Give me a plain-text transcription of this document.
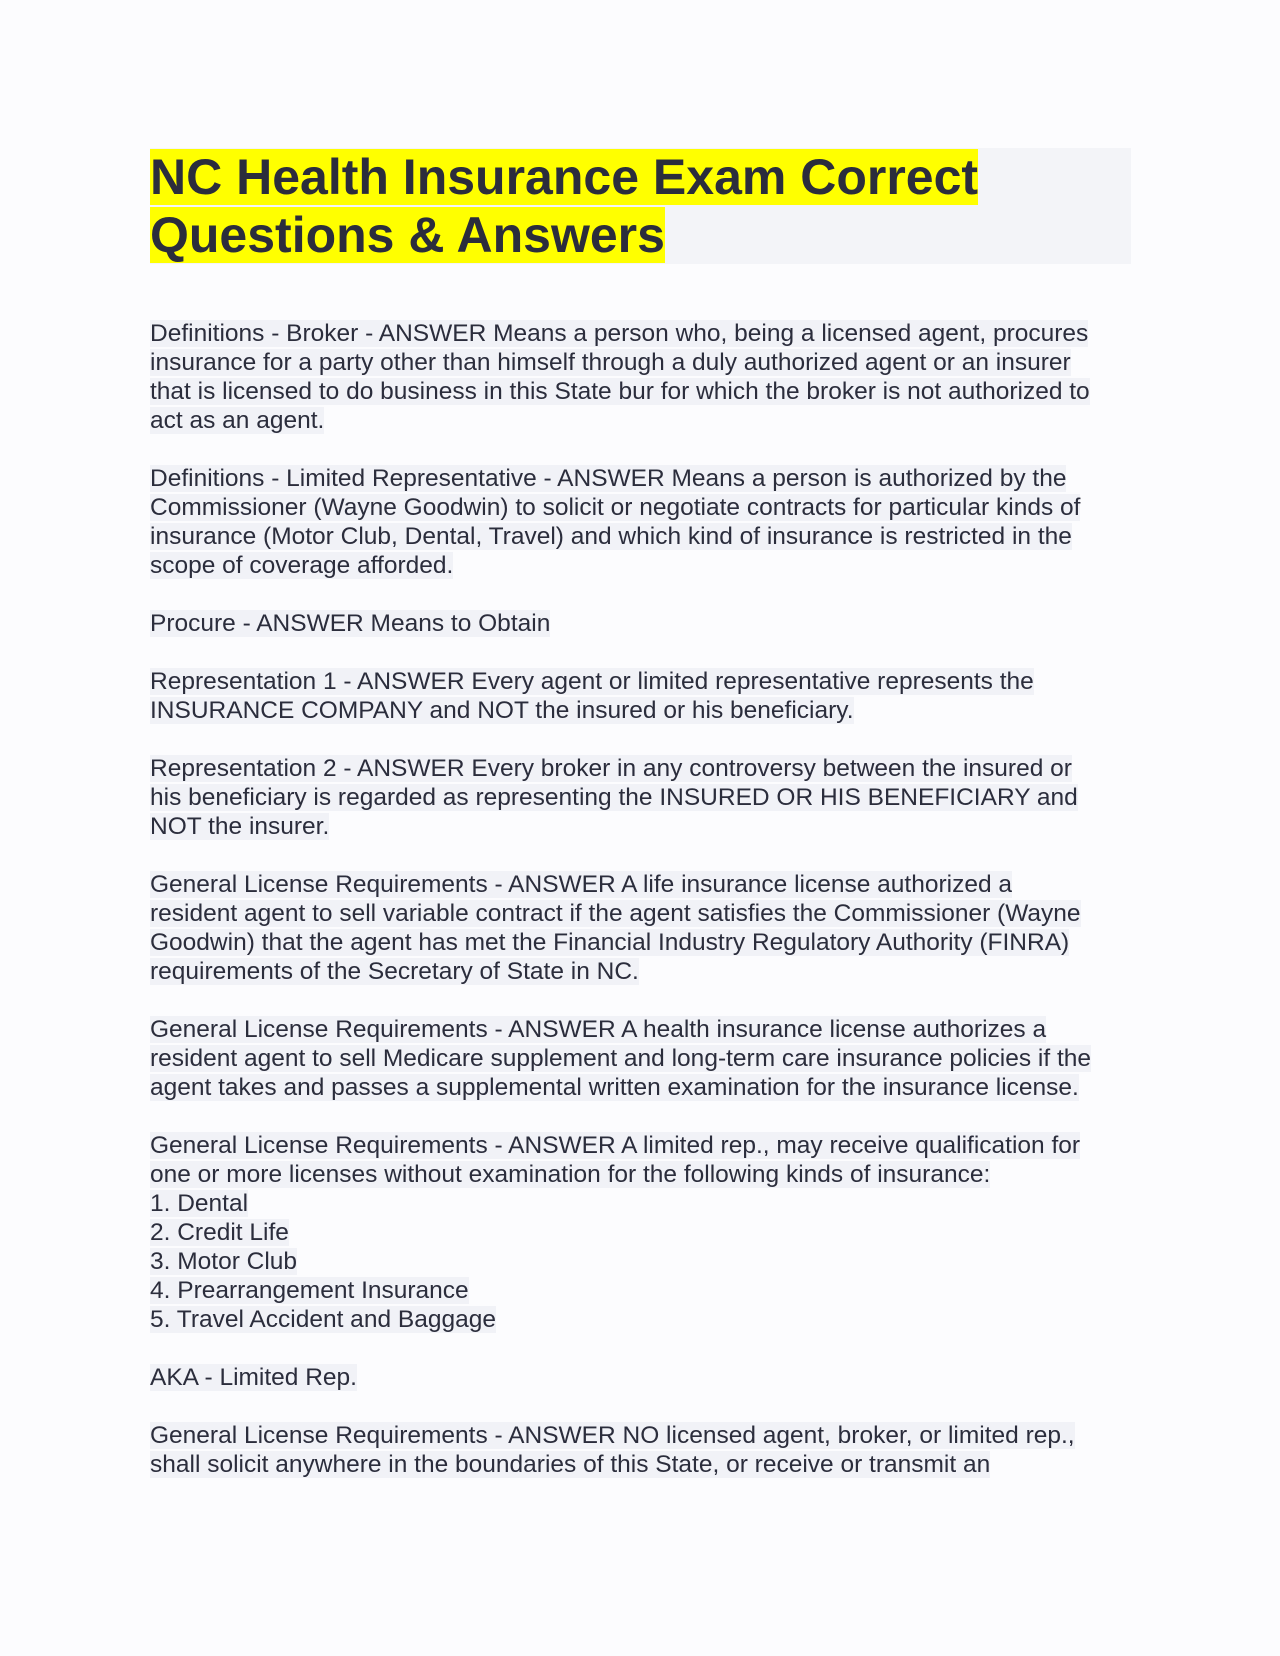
NC Health Insurance Exam Correct
Questions & Answers
Definitions - Broker - ANSWER Means a person who, being a licensed agent, procures
insurance for a party other than himself through a duly authorized agent or an insurer
that is licensed to do business in this State bur for which the broker is not authorized to
act as an agent.
Definitions - Limited Representative - ANSWER Means a person is authorized by the
Commissioner (Wayne Goodwin) to solicit or negotiate contracts for particular kinds of
insurance (Motor Club, Dental, Travel) and which kind of insurance is restricted in the
scope of coverage afforded.
Procure - ANSWER Means to Obtain
Representation 1 - ANSWER Every agent or limited representative represents the
INSURANCE COMPANY and NOT the insured or his beneficiary.
Representation 2 - ANSWER Every broker in any controversy between the insured or
his beneficiary is regarded as representing the INSURED OR HIS BENEFICIARY and
NOT the insurer.
General License Requirements - ANSWER A life insurance license authorized a
resident agent to sell variable contract if the agent satisfies the Commissioner (Wayne
Goodwin) that the agent has met the Financial Industry Regulatory Authority (FINRA)
requirements of the Secretary of State in NC.
General License Requirements - ANSWER A health insurance license authorizes a
resident agent to sell Medicare supplement and long-term care insurance policies if the
agent takes and passes a supplemental written examination for the insurance license.
General License Requirements - ANSWER A limited rep., may receive qualification for
one or more licenses without examination for the following kinds of insurance:
1. Dental
2. Credit Life
3. Motor Club
4. Prearrangement Insurance
5. Travel Accident and Baggage
AKA - Limited Rep.
General License Requirements - ANSWER NO licensed agent, broker, or limited rep.,
shall solicit anywhere in the boundaries of this State, or receive or transmit an
